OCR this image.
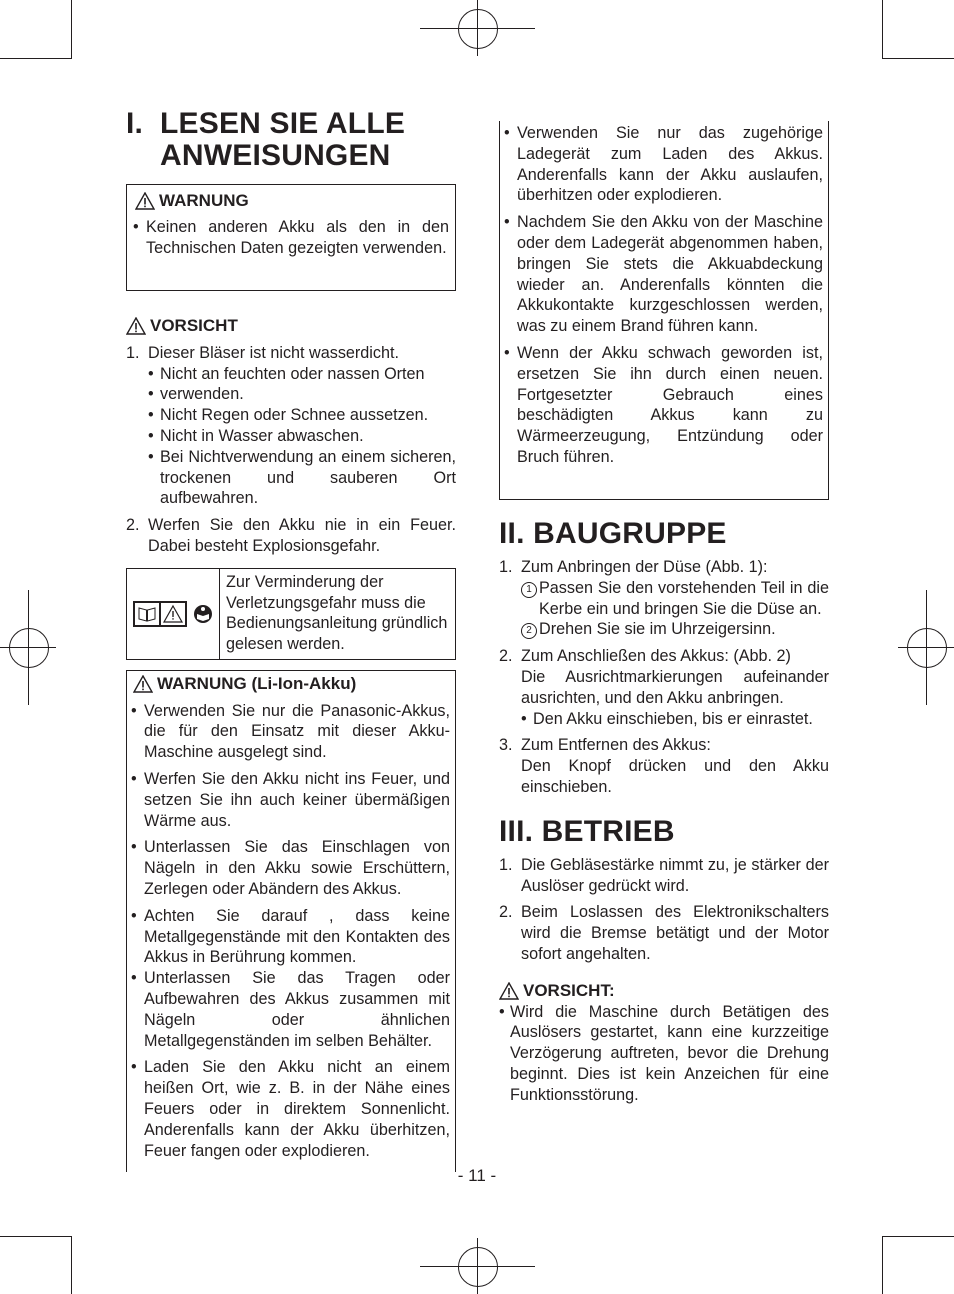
I. LESEN SIE ALLE
ANWEISUNGEN
WARNUNG
• Keinen anderen Akku als den in den Technischen Daten gezeigten verwenden.
VORSICHT
1. Dieser Bläser ist nicht wasserdicht.
• Nicht an feuchten oder nassen Orten
• verwenden.
• Nicht Regen oder Schnee aussetzen.
• Nicht in Wasser abwaschen.
• Bei Nichtverwendung an einem sicheren, trockenen und sauberen Ort aufbewahren.
2. Werfen Sie den Akku nie in ein Feuer. Dabei besteht Explosionsgefahr.
Zur Verminderung der Verletzungsgefahr muss die Bedienungsanleitung gründlich gelesen werden.
WARNUNG (Li-Ion-Akku)
• Verwenden Sie nur die Panasonic-Akkus, die für den Einsatz mit dieser Akku-Maschine ausgelegt sind.
• Werfen Sie den Akku nicht ins Feuer, und setzen Sie ihn auch keiner übermäßigen Wärme aus.
• Unterlassen Sie das Einschlagen von Nägeln in den Akku sowie Erschüttern, Zerlegen oder Abändern des Akkus.
• Achten Sie darauf , dass keine Metallgegenstände mit den Kontakten des Akkus in Berührung kommen.
• Unterlassen Sie das Tragen oder Aufbewahren des Akkus zusammen mit Nägeln oder ähnlichen Metallgegenständen im selben Behälter.
• Laden Sie den Akku nicht an einem heißen Ort, wie z. B. in der Nähe eines Feuers oder in direktem Sonnenlicht. Anderenfalls kann der Akku überhitzen, Feuer fangen oder explodieren.
• Verwenden Sie nur das zugehörige Ladegerät zum Laden des Akkus. Anderenfalls kann der Akku auslaufen, überhitzen oder explodieren.
• Nachdem Sie den Akku von der Maschine oder dem Ladegerät abgenommen haben, bringen Sie stets die Akkuabdeckung wieder an. Anderenfalls könnten die Akkukontakte kurzgeschlossen werden, was zu einem Brand führen kann.
• Wenn der Akku schwach geworden ist, ersetzen Sie ihn durch einen neuen. Fortgesetzter Gebrauch eines beschädigten Akkus kann zu Wärmeerzeugung, Entzündung oder Bruch führen.
II. BAUGRUPPE
1. Zum Anbringen der Düse (Abb. 1):
1 Passen Sie den vorstehenden Teil in die Kerbe ein und bringen Sie die Düse an.
2 Drehen Sie sie im Uhrzeigersinn.
2. Zum Anschließen des Akkus: (Abb. 2)
Die Ausrichtmarkierungen aufeinander ausrichten, und den Akku anbringen.
• Den Akku einschieben, bis er einrastet.
3. Zum Entfernen des Akkus:
Den Knopf drücken und den Akku einschieben.
III. BETRIEB
1. Die Gebläsestärke nimmt zu, je stärker der Auslöser gedrückt wird.
2. Beim Loslassen des Elektronikschalters wird die Bremse betätigt und der Motor sofort angehalten.
VORSICHT:
• Wird die Maschine durch Betätigen des Auslösers gestartet, kann eine kurzzeitige Verzögerung auftreten, bevor die Drehung beginnt. Dies ist kein Anzeichen für eine Funktionsstörung.
- 11 -
